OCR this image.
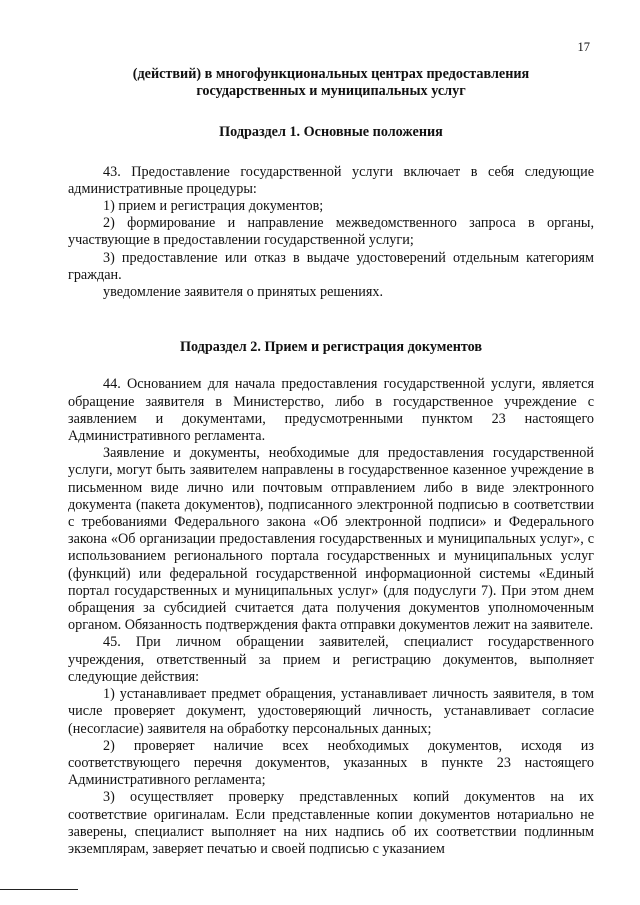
17

(действий) в многофункциональных центрах предоставления

государственных и муниципальных услуг

Подраздел 1. Основные положения

43. Предоставление государственной услуги включает в себя следующие административные процедуры:

1) прием и регистрация документов;

2) формирование и направление межведомственного запроса в органы, участвующие в предоставлении государственной услуги;

3) предоставление или отказ в выдаче удостоверений отдельным категориям граждан.

уведомление заявителя о принятых решениях.

Подраздел 2. Прием и регистрация документов

44. Основанием для начала предоставления государственной услуги, является обращение заявителя в Министерство, либо в государственное учреждение с заявлением и документами, предусмотренными пунктом 23 настоящего Административного регламента.

Заявление и документы, необходимые для предоставления государственной услуги, могут быть заявителем направлены в государственное казенное учреждение в письменном виде лично или почтовым отправлением либо в виде электронного документа (пакета документов), подписанного электронной подписью в соответствии с требованиями Федерального закона «Об электронной подписи» и Федерального закона «Об организации предоставления государственных и муниципальных услуг», с использованием регионального портала государственных и муниципальных услуг (функций) или федеральной государственной информационной системы «Единый портал государственных и муниципальных услуг» (для подуслуги 7). При этом днем обращения за субсидией считается дата получения документов уполномоченным органом. Обязанность подтверждения факта отправки документов лежит на заявителе.

45. При личном обращении заявителей, специалист государственного учреждения, ответственный за прием и регистрацию документов, выполняет следующие действия:

1) устанавливает предмет обращения, устанавливает личность заявителя, в том числе проверяет документ, удостоверяющий личность, устанавливает согласие (несогласие) заявителя на обработку персональных данных;

2) проверяет наличие всех необходимых документов, исходя из соответствующего перечня документов, указанных в пункте 23 настоящего Административного регламента;

3) осуществляет проверку представленных копий документов на их соответствие оригиналам. Если представленные копии документов нотариально не заверены, специалист выполняет на них надпись об их соответствии подлинным экземплярам, заверяет печатью и своей подписью с указанием
